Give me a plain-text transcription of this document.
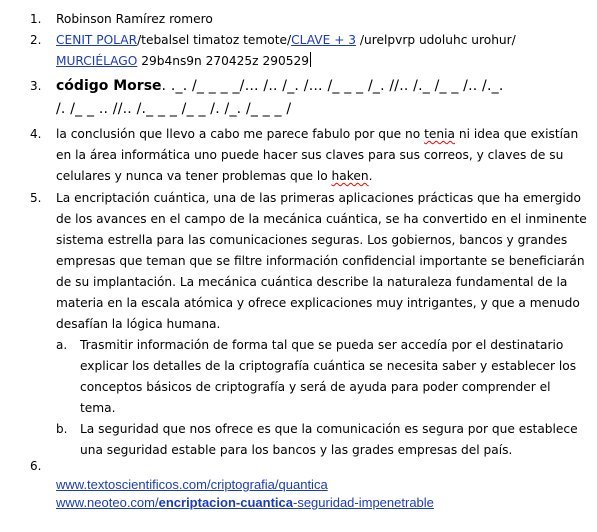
1. Robinson Ramírez romero
2. CENIT POLAR/tebalsel timatoz temote/CLAVE + 3 /urelpvrp udoluhc urohur/
MURCIÉLAGO 29b4ns9n 270425z 290529
3. código Morse. ._. /_ _ _ _/… /.. /_. /… /_ _ _ /_. //.. /._ /_ _ /.. /._.
/. /_ _ .. //.. /._ _ _ /_ _ /. /_. /_ _ _ /
4. la conclusión que llevo a cabo me parece fabulo por que no tenia ni idea que existían
en la área informática uno puede hacer sus claves para sus correos, y claves de su
celulares y nunca va tener problemas que lo haken.
5. La encriptación cuántica, una de las primeras aplicaciones prácticas que ha emergido
de los avances en el campo de la mecánica cuántica, se ha convertido en el inminente
sistema estrella para las comunicaciones seguras. Los gobiernos, bancos y grandes
empresas que teman que se filtre información confidencial importante se beneficiarán
de su implantación. La mecánica cuántica describe la naturaleza fundamental de la
materia en la escala atómica y ofrece explicaciones muy intrigantes, y que a menudo
desafían la lógica humana.
a. Trasmitir información de forma tal que se pueda ser accedía por el destinatario
explicar los detalles de la criptografía cuántica se necesita saber y establecer los
conceptos básicos de criptografía y será de ayuda para poder comprender el
tema.
b. La seguridad que nos ofrece es que la comunicación es segura por que establece
una seguridad estable para los bancos y las grades empresas del país.
6.
www.textoscientificos.com/criptografia/quantica
www.neoteo.com/encriptacion-cuantica-seguridad-impenetrable
